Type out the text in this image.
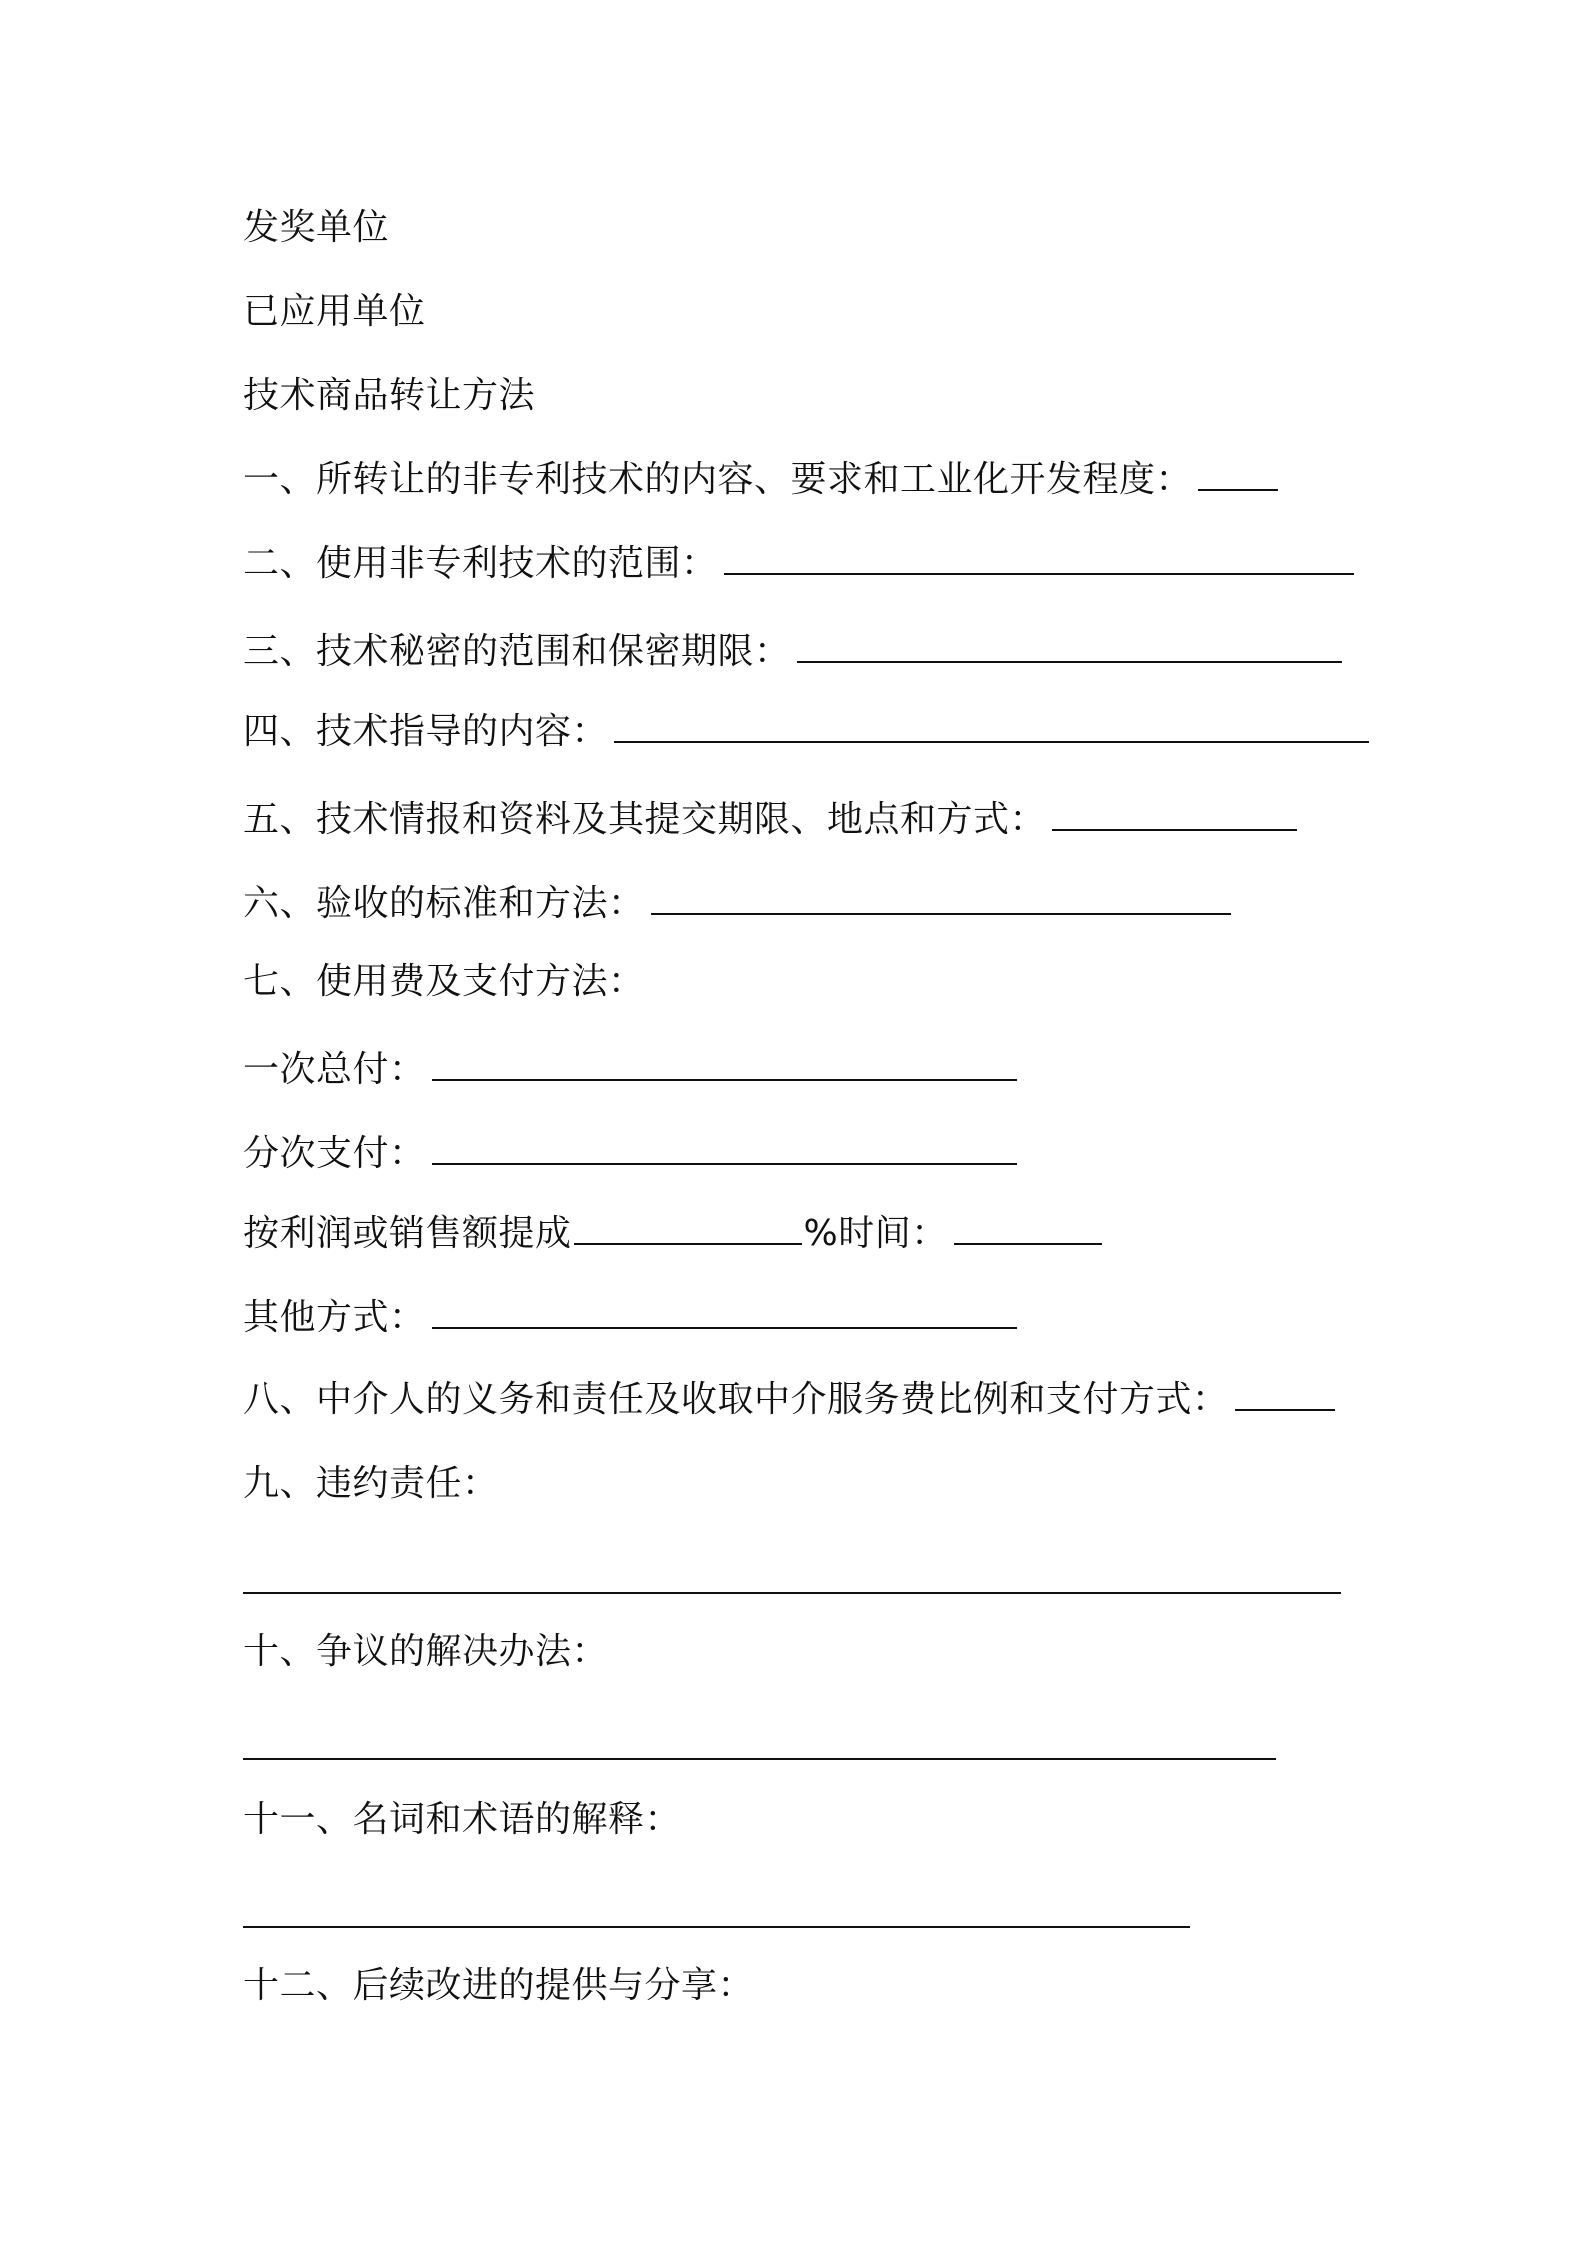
发奖单位
已应用单位
技术商品转让方法
一、所转让的非专利技术的内容、要求和工业化开发程度：
二、使用非专利技术的范围：
三、技术秘密的范围和保密期限：
四、技术指导的内容：
五、技术情报和资料及其提交期限、地点和方式：
六、验收的标准和方法：
七、使用费及支付方法：
一次总付：
分次支付：
按利润或销售额提成	%时间：
其他方式：
八、中介人的义务和责任及收取中介服务费比例和支付方式：
九、违约责任：
十、争议的解决办法：
十一、名词和术语的解释：
十二、后续改进的提供与分享：
